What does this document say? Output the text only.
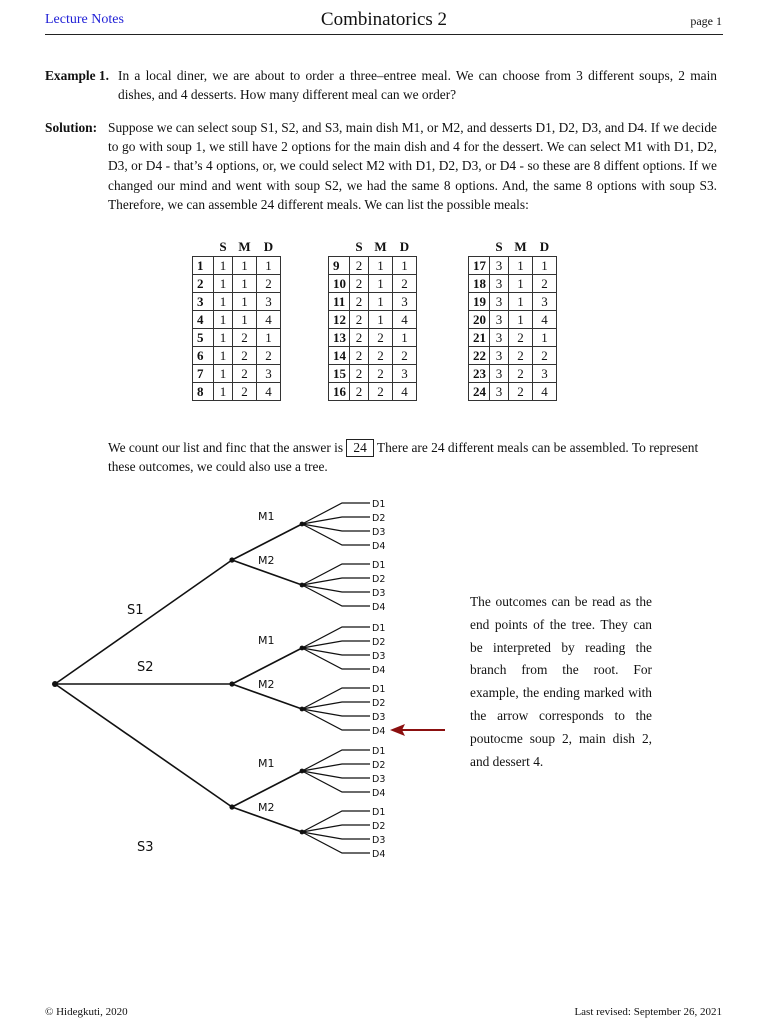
Lecture Notes	Combinatorics 2	page 1
Example 1. In a local diner, we are about to order a three–entree meal. We can choose from 3 different soups, 2 main dishes, and 4 desserts. How many different meal can we order?
Solution: Suppose we can select soup S1, S2, and S3, main dish M1, or M2, and desserts D1, D2, D3, and D4. If we decide to go with soup 1, we still have 2 options for the main dish and 4 for the dessert. We can select M1 with D1, D2, D3, or D4 - that’s 4 options, or, we could select M2 with D1, D2, D3, or D4 - so these are 8 diffent options. If we changed our mind and went with soup S2, we had the same 8 options. And, the same 8 options with soup S3. Therefore, we can assemble 24 different meals. We can list the possible meals:
	S	M	D
1	1	1	1
2	1	1	2
3	1	1	3
4	1	1	4
5	1	2	1
6	1	2	2
7	1	2	3
8	1	2	4
	S	M	D
9	2	1	1
10	2	1	2
11	2	1	3
12	2	1	4
13	2	2	1
14	2	2	2
15	2	2	3
16	2	2	4
	S	M	D
17	3	1	1
18	3	1	2
19	3	1	3
20	3	1	4
21	3	2	1
22	3	2	2
23	3	2	3
24	3	2	4
We count our list and finc that the answer is 24 There are 24 different meals can be assembled. To represent these outcomes, we could also use a tree.
S1
M1
D1
D2
D3
D4
M2	D1
D2
D3
D4
S2
M1
D1
D2
D3
D4
M2	D1
D2
D3
D4
S3
M1
D1
D2
D3
D4
M2	D1
D2
D3
D4
The outcomes can be read as the end points of the tree. They can be interpreted by reading the branch from the root. For example, the ending marked with the arrow corresponds to the poutocme soup 2, main dish 2, and dessert 4.
© Hidegkuti, 2020	Last revised: September 26, 2021
